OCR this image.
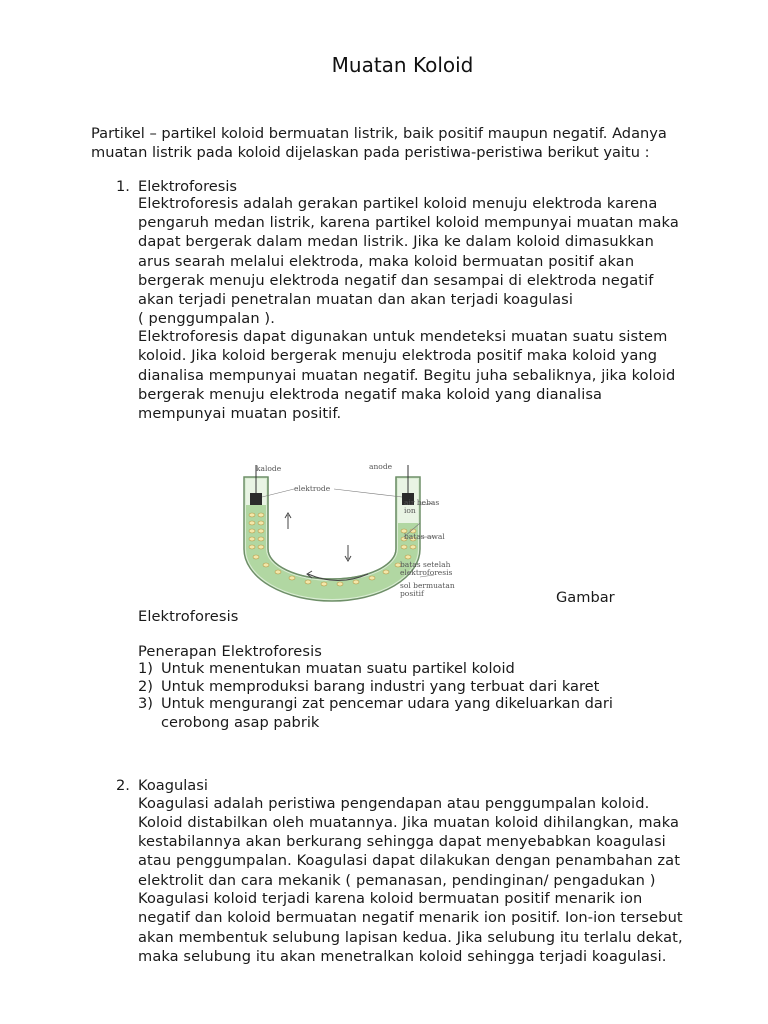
Muatan Koloid
Partikel – partikel koloid bermuatan listrik, baik positif maupun negatif. Adanya
muatan listrik pada koloid dijelaskan pada peristiwa-peristiwa berikut yaitu :
1. Elektroforesis
Elektroforesis adalah gerakan partikel koloid menuju elektroda karena
pengaruh medan listrik, karena partikel koloid mempunyai muatan maka
dapat bergerak dalam medan listrik. Jika ke dalam koloid dimasukkan
arus searah melalui elektroda, maka koloid bermuatan positif akan
bergerak menuju elektroda negatif dan sesampai di elektroda negatif
akan terjadi penetralan muatan dan akan terjadi koagulasi
( penggumpalan ).
Elektroforesis dapat digunakan untuk mendeteksi muatan suatu sistem
koloid. Jika koloid bergerak menuju elektroda positif maka koloid yang
dianalisa mempunyai muatan negatif. Begitu juha sebaliknya, jika koloid
bergerak menuju elektroda negatif maka koloid yang dianalisa
mempunyai muatan positif.
kalode	anode
elektrode
air bebas
ion
batas awal
batas setelah
elektroforesis
sol bermuatan
positif	Gambar
Elektroforesis
Penerapan Elektroforesis
1) Untuk menentukan muatan suatu partikel koloid
2) Untuk memproduksi barang industri yang terbuat dari karet
3) Untuk mengurangi zat pencemar udara yang dikeluarkan dari
cerobong asap pabrik
2. Koagulasi
Koagulasi adalah peristiwa pengendapan atau penggumpalan koloid.
Koloid distabilkan oleh muatannya. Jika muatan koloid dihilangkan, maka
kestabilannya akan berkurang sehingga dapat menyebabkan koagulasi
atau penggumpalan. Koagulasi dapat dilakukan dengan penambahan zat
elektrolit dan cara mekanik ( pemanasan, pendinginan/ pengadukan )
Koagulasi koloid terjadi karena koloid bermuatan positif menarik ion
negatif dan koloid bermuatan negatif menarik ion positif. Ion-ion tersebut
akan membentuk selubung lapisan kedua. Jika selubung itu terlalu dekat,
maka selubung itu akan menetralkan koloid sehingga terjadi koagulasi.
